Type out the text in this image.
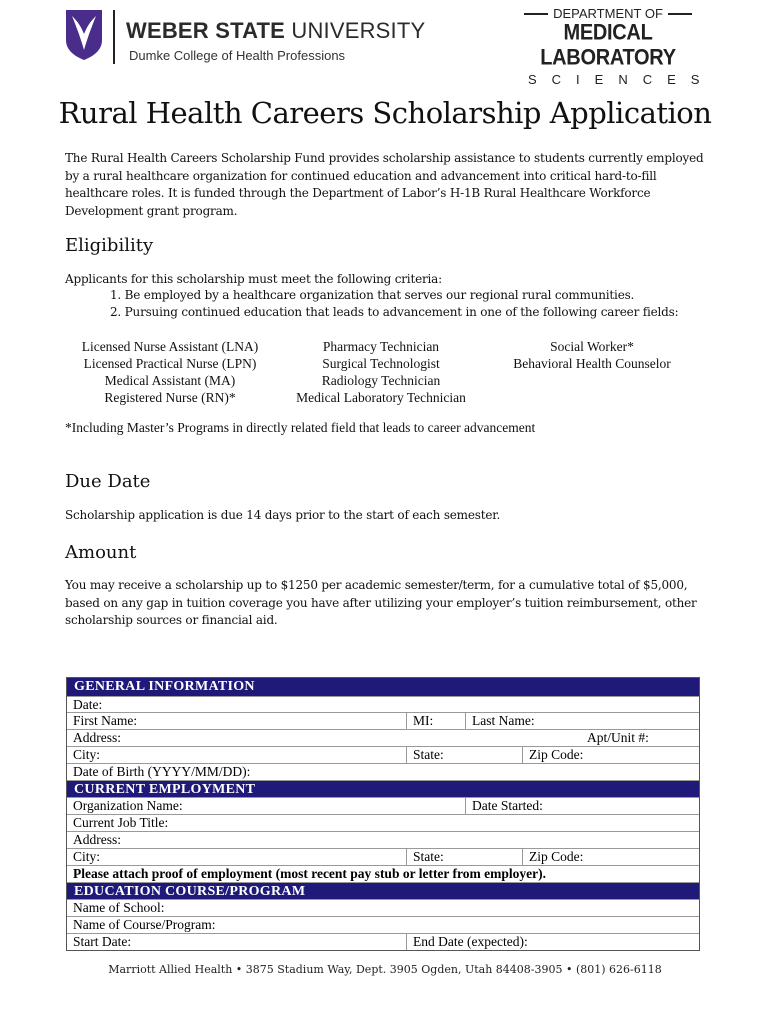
WEBER STATE UNIVERSITY
Dumke College of Health Professions
DEPARTMENT OF
MEDICAL LABORATORY
SCIENCES
Rural Health Careers Scholarship Application
The Rural Health Careers Scholarship Fund provides scholarship assistance to students currently employed by a rural healthcare organization for continued education and advancement into critical hard-to-fill healthcare roles. It is funded through the Department of Labor’s H-1B Rural Healthcare Workforce Development grant program.
Eligibility
Applicants for this scholarship must meet the following criteria:
1. Be employed by a healthcare organization that serves our regional rural communities.
2. Pursuing continued education that leads to advancement in one of the following career fields:
Licensed Nurse Assistant (LNA)
Licensed Practical Nurse (LPN)
Medical Assistant (MA)
Registered Nurse (RN)*
Pharmacy Technician
Surgical Technologist
Radiology Technician
Medical Laboratory Technician
Social Worker*
Behavioral Health Counselor
*Including Master’s Programs in directly related field that leads to career advancement
Due Date
Scholarship application is due 14 days prior to the start of each semester.
Amount
You may receive a scholarship up to $1250 per academic semester/term, for a cumulative total of $5,000, based on any gap in tuition coverage you have after utilizing your employer’s tuition reimbursement, other scholarship sources or financial aid.
GENERAL INFORMATION
Date:
First Name:	MI:	Last Name:
Address:	Apt/Unit #:
City:	State:	Zip Code:
Date of Birth (YYYY/MM/DD):
CURRENT EMPLOYMENT
Organization Name:	Date Started:
Current Job Title:
Address:
City:	State:	Zip Code:
Please attach proof of employment (most recent pay stub or letter from employer).
EDUCATION COURSE/PROGRAM
Name of School:
Name of Course/Program:
Start Date:	End Date (expected):
Marriott Allied Health • 3875 Stadium Way, Dept. 3905 Ogden, Utah 84408-3905 • (801) 626-6118
